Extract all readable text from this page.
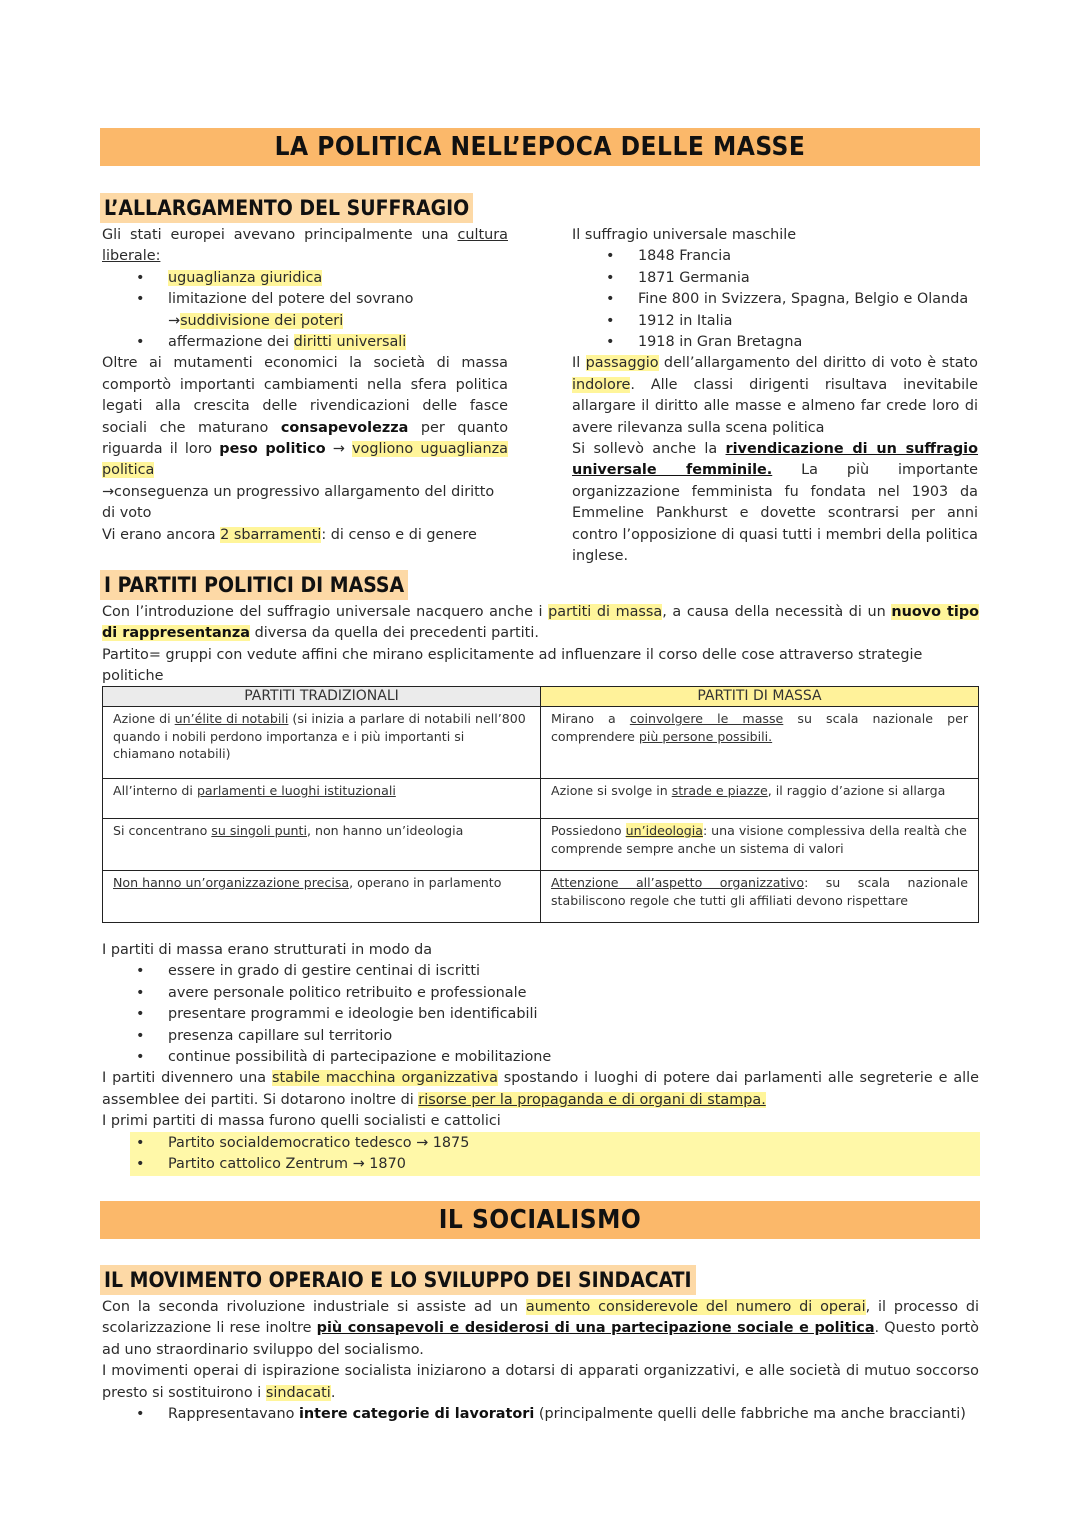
LA POLITICA NELL’EPOCA DELLE MASSE
L’ALLARGAMENTO DEL SUFFRAGIO

Gli stati europei avevano principalmente una cultura liberale:

• uguaglianza giuridica
• limitazione del potere del sovrano
→suddivisione dei poteri
• affermazione dei diritti universali

Oltre ai mutamenti economici la società di massa comportò importanti cambiamenti nella sfera politica legati alla crescita delle rivendicazioni delle fasce sociali che maturano consapevolezza per quanto riguarda il loro peso politico → vogliono uguaglianza politica

→conseguenza un progressivo allargamento del diritto di voto

Vi erano ancora 2 sbarramenti: di censo e di genere

Il suffragio universale maschile

• 1848 Francia
• 1871 Germania
• Fine 800 in Svizzera, Spagna, Belgio e Olanda
• 1912 in Italia
• 1918 in Gran Bretagna

Il passaggio dell’allargamento del diritto di voto è stato indolore. Alle classi dirigenti risultava inevitabile allargare il diritto alle masse e almeno far crede loro di avere rilevanza sulla scena politica

Si sollevò anche la rivendicazione di un suffragio universale femminile. La più importante organizzazione femminista fu fondata nel 1903 da Emmeline Pankhurst e dovette scontrarsi per anni contro l’opposizione di quasi tutti i membri della politica inglese.

I PARTITI POLITICI DI MASSA

Con l’introduzione del suffragio universale nacquero anche i partiti di massa, a causa della necessità di un nuovo tipo di rappresentanza diversa da quella dei precedenti partiti.

Partito= gruppi con vedute affini che mirano esplicitamente ad influenzare il corso delle cose attraverso strategie politiche

PARTITI TRADIZIONALI	PARTITI DI MASSA
Azione di un’élite di notabili (si inizia a parlare di notabili nell’800 quando i nobili perdono importanza e i più importanti si chiamano notabili)	Mirano a coinvolgere le masse su scala nazionale per comprendere più persone possibili.
All’interno di parlamenti e luoghi istituzionali	Azione si svolge in strade e piazze, il raggio d’azione si allarga
Si concentrano su singoli punti, non hanno un’ideologia	Possiedono un’ideologia: una visione complessiva della realtà che comprende sempre anche un sistema di valori
Non hanno un’organizzazione precisa, operano in parlamento	Attenzione all’aspetto organizzativo: su scala nazionale stabiliscono regole che tutti gli affiliati devono rispettare

I partiti di massa erano strutturati in modo da

• essere in grado di gestire centinai di iscritti
• avere personale politico retribuito e professionale
• presentare programmi e ideologie ben identificabili
• presenza capillare sul territorio
• continue possibilità di partecipazione e mobilitazione

I partiti divennero una stabile macchina organizzativa spostando i luoghi di potere dai parlamenti alle segreterie e alle assemblee dei partiti. Si dotarono inoltre di risorse per la propaganda e di organi di stampa.

I primi partiti di massa furono quelli socialisti e cattolici

• Partito socialdemocratico tedesco → 1875
• Partito cattolico Zentrum → 1870
IL SOCIALISMO
IL MOVIMENTO OPERAIO E LO SVILUPPO DEI SINDACATI

Con la seconda rivoluzione industriale si assiste ad un aumento considerevole del numero di operai, il processo di scolarizzazione li rese inoltre più consapevoli e desiderosi di una partecipazione sociale e politica. Questo portò ad uno straordinario sviluppo del socialismo.

I movimenti operai di ispirazione socialista iniziarono a dotarsi di apparati organizzativi, e alle società di mutuo soccorso presto si sostituirono i sindacati.

• Rappresentavano intere categorie di lavoratori (principalmente quelli delle fabbriche ma anche braccianti)
